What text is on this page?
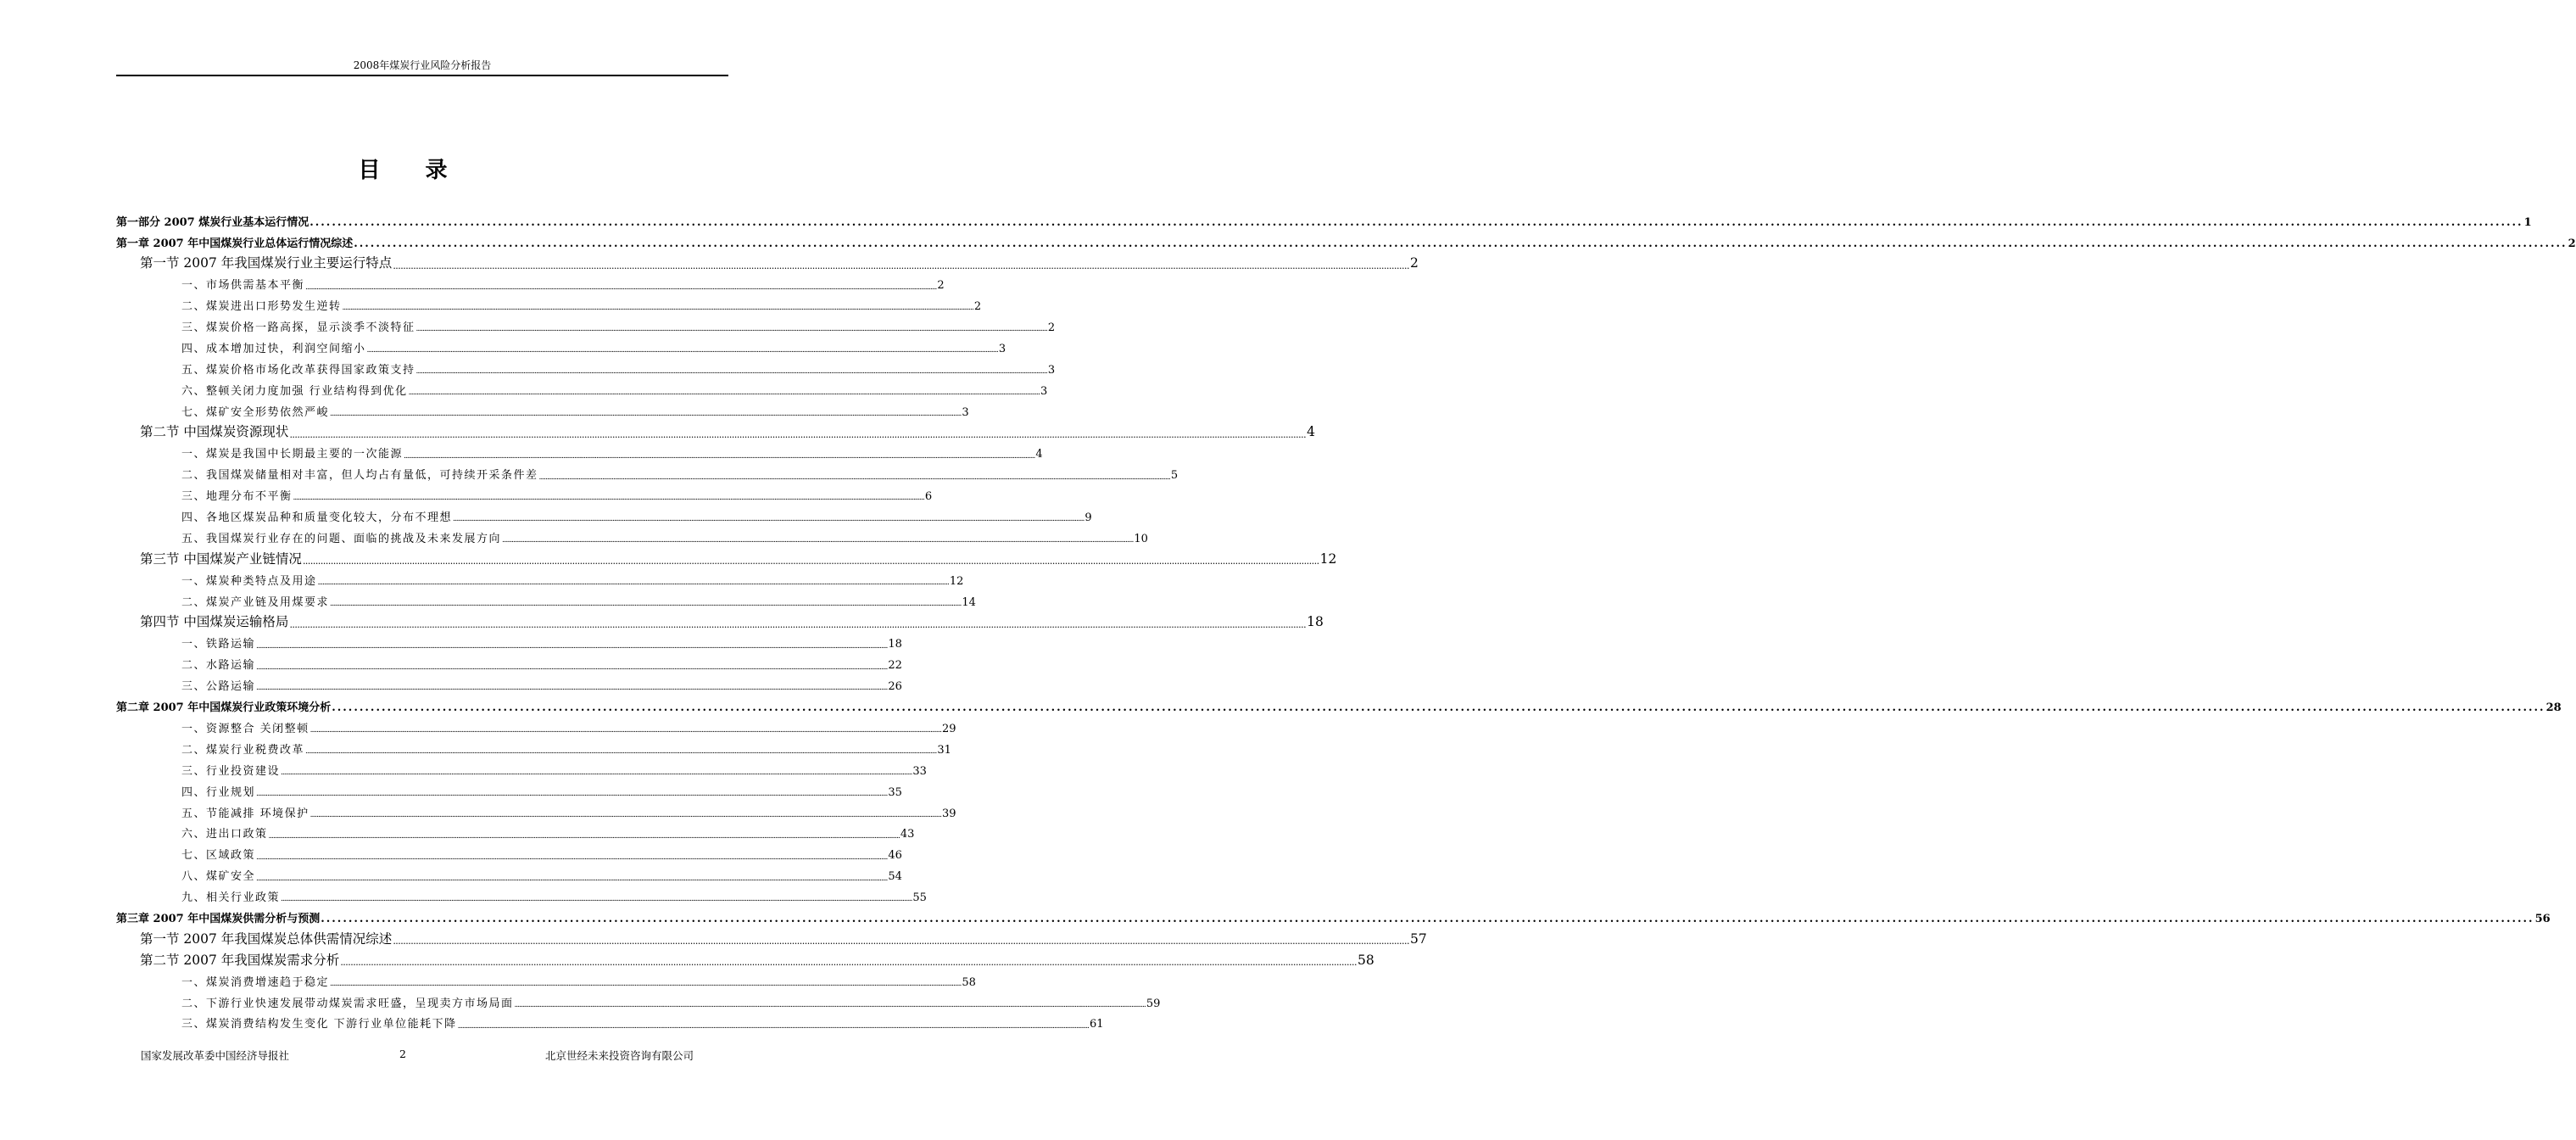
2008年煤炭行业风险分析报告
目 录
第一部分 2007 煤炭行业基本运行情况 ................................................................................................................................................................................................................................................................................................................................................................................................................ 1
第一章 2007 年中国煤炭行业总体运行情况综述 ................................................................................................................................................................................................................................................................................................................................................................................................................ 2
第一节 2007 年我国煤炭行业主要运行特点 ................................................................................................................................................................................................................................................................................................................................................................................................................ 2
一、市场供需基本平衡 ................................................................................................................................................................................................................................................................................................................................................................................................................ 2
二、煤炭进出口形势发生逆转 ................................................................................................................................................................................................................................................................................................................................................................................................................ 2
三、煤炭价格一路高探，显示淡季不淡特征 ................................................................................................................................................................................................................................................................................................................................................................................................................ 2
四、成本增加过快，利润空间缩小 ................................................................................................................................................................................................................................................................................................................................................................................................................ 3
五、煤炭价格市场化改革获得国家政策支持 ................................................................................................................................................................................................................................................................................................................................................................................................................ 3
六、整顿关闭力度加强 行业结构得到优化 ................................................................................................................................................................................................................................................................................................................................................................................................................ 3
七、煤矿安全形势依然严峻 ................................................................................................................................................................................................................................................................................................................................................................................................................ 3
第二节 中国煤炭资源现状 ................................................................................................................................................................................................................................................................................................................................................................................................................ 4
一、煤炭是我国中长期最主要的一次能源 ................................................................................................................................................................................................................................................................................................................................................................................................................ 4
二、我国煤炭储量相对丰富，但人均占有量低，可持续开采条件差 ................................................................................................................................................................................................................................................................................................................................................................................................................ 5
三、地理分布不平衡 ................................................................................................................................................................................................................................................................................................................................................................................................................ 6
四、各地区煤炭品种和质量变化较大，分布不理想 ................................................................................................................................................................................................................................................................................................................................................................................................................ 9
五、我国煤炭行业存在的问题、面临的挑战及未来发展方向 ................................................................................................................................................................................................................................................................................................................................................................................................................ 10
第三节 中国煤炭产业链情况 ................................................................................................................................................................................................................................................................................................................................................................................................................ 12
一、煤炭种类特点及用途 ................................................................................................................................................................................................................................................................................................................................................................................................................ 12
二、煤炭产业链及用煤要求 ................................................................................................................................................................................................................................................................................................................................................................................................................ 14
第四节 中国煤炭运输格局 ................................................................................................................................................................................................................................................................................................................................................................................................................ 18
一、铁路运输 ................................................................................................................................................................................................................................................................................................................................................................................................................ 18
二、水路运输 ................................................................................................................................................................................................................................................................................................................................................................................................................ 22
三、公路运输 ................................................................................................................................................................................................................................................................................................................................................................................................................ 26
第二章 2007 年中国煤炭行业政策环境分析 ................................................................................................................................................................................................................................................................................................................................................................................................................ 28
一、资源整合 关闭整顿 ................................................................................................................................................................................................................................................................................................................................................................................................................ 29
二、煤炭行业税费改革 ................................................................................................................................................................................................................................................................................................................................................................................................................ 31
三、行业投资建设 ................................................................................................................................................................................................................................................................................................................................................................................................................ 33
四、行业规划 ................................................................................................................................................................................................................................................................................................................................................................................................................ 35
五、节能减排 环境保护 ................................................................................................................................................................................................................................................................................................................................................................................................................ 39
六、进出口政策 ................................................................................................................................................................................................................................................................................................................................................................................................................ 43
七、区域政策 ................................................................................................................................................................................................................................................................................................................................................................................................................ 46
八、煤矿安全 ................................................................................................................................................................................................................................................................................................................................................................................................................ 54
九、相关行业政策 ................................................................................................................................................................................................................................................................................................................................................................................................................ 55
第三章 2007 年中国煤炭供需分析与预测 ................................................................................................................................................................................................................................................................................................................................................................................................................ 56
第一节 2007 年我国煤炭总体供需情况综述 ................................................................................................................................................................................................................................................................................................................................................................................................................ 57
第二节 2007 年我国煤炭需求分析 ................................................................................................................................................................................................................................................................................................................................................................................................................ 58
一、煤炭消费增速趋于稳定 ................................................................................................................................................................................................................................................................................................................................................................................................................ 58
二、下游行业快速发展带动煤炭需求旺盛，呈现卖方市场局面 ................................................................................................................................................................................................................................................................................................................................................................................................................ 59
三、煤炭消费结构发生变化 下游行业单位能耗下降 ................................................................................................................................................................................................................................................................................................................................................................................................................ 61
国家发展改革委中国经济导报社	2	北京世经未来投资咨询有限公司
